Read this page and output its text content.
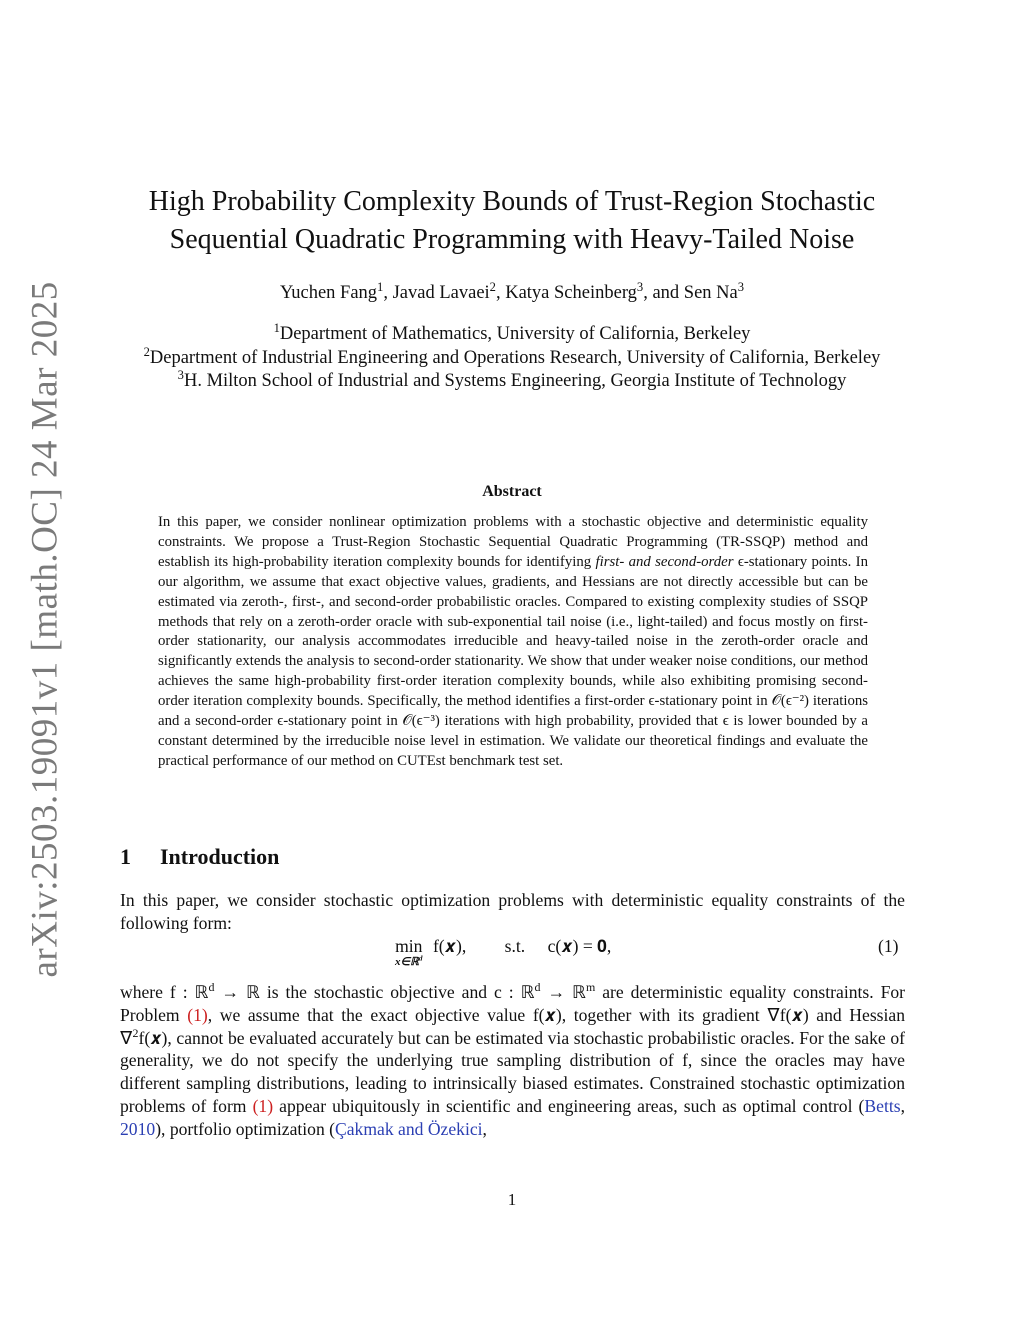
arXiv:2503.19091v1 [math.OC] 24 Mar 2025
High Probability Complexity Bounds of Trust-Region Stochastic
Sequential Quadratic Programming with Heavy-Tailed Noise
Yuchen Fang$^1$, Javad Lavaei$^2$, Katya Scheinberg$^3$, and Sen Na$^3$
$^1$Department of Mathematics, University of California, Berkeley
$^2$Department of Industrial Engineering and Operations Research, University of California, Berkeley
$^3$H. Milton School of Industrial and Systems Engineering, Georgia Institute of Technology
Abstract
In this paper, we consider nonlinear optimization problems with a stochastic objective and deterministic equality constraints. We propose a Trust-Region Stochastic Sequential Quadratic Programming (TR-SSQP) method and establish its high-probability iteration complexity bounds for identifying first- and second-order ϵ-stationary points. In our algorithm, we assume that exact objective values, gradients, and Hessians are not directly accessible but can be estimated via zeroth-, first-, and second-order probabilistic oracles. Compared to existing complexity studies of SSQP methods that rely on a zeroth-order oracle with sub-exponential tail noise (i.e., light-tailed) and focus mostly on first-order stationarity, our analysis accommodates irreducible and heavy-tailed noise in the zeroth-order oracle and significantly extends the analysis to second-order stationarity. We show that under weaker noise conditions, our method achieves the same high-probability first-order iteration complexity bounds, while also exhibiting promising second-order iteration complexity bounds. Specifically, the method identifies a first-order ϵ-stationary point in 𝒪(ϵ⁻²) iterations and a second-order ϵ-stationary point in 𝒪(ϵ⁻³) iterations with high probability, provided that ϵ is lower bounded by a constant determined by the irreducible noise level in estimation. We validate our theoretical findings and evaluate the practical performance of our method on CUTEst benchmark test set.
1 Introduction
In this paper, we consider stochastic optimization problems with deterministic equality constraints of the following form:
min
x∈ℝ$^d$
f(𝒙), s.t. c(𝒙) = 𝟎,	(1)
where f : ℝ$^d$ → ℝ is the stochastic objective and c : ℝ$^d$ → ℝ$^m$ are deterministic equality constraints. For Problem (1), we assume that the exact objective value f(𝒙), together with its gradient ∇f(𝒙) and Hessian ∇$^2$f(𝒙), cannot be evaluated accurately but can be estimated via stochastic probabilistic oracles. For the sake of generality, we do not specify the underlying true sampling distribution of f, since the oracles may have different sampling distributions, leading to intrinsically biased estimates. Constrained stochastic optimization problems of form (1) appear ubiquitously in scientific and engineering areas, such as optimal control (Betts, 2010), portfolio optimization (Çakmak and Özekici,
1
